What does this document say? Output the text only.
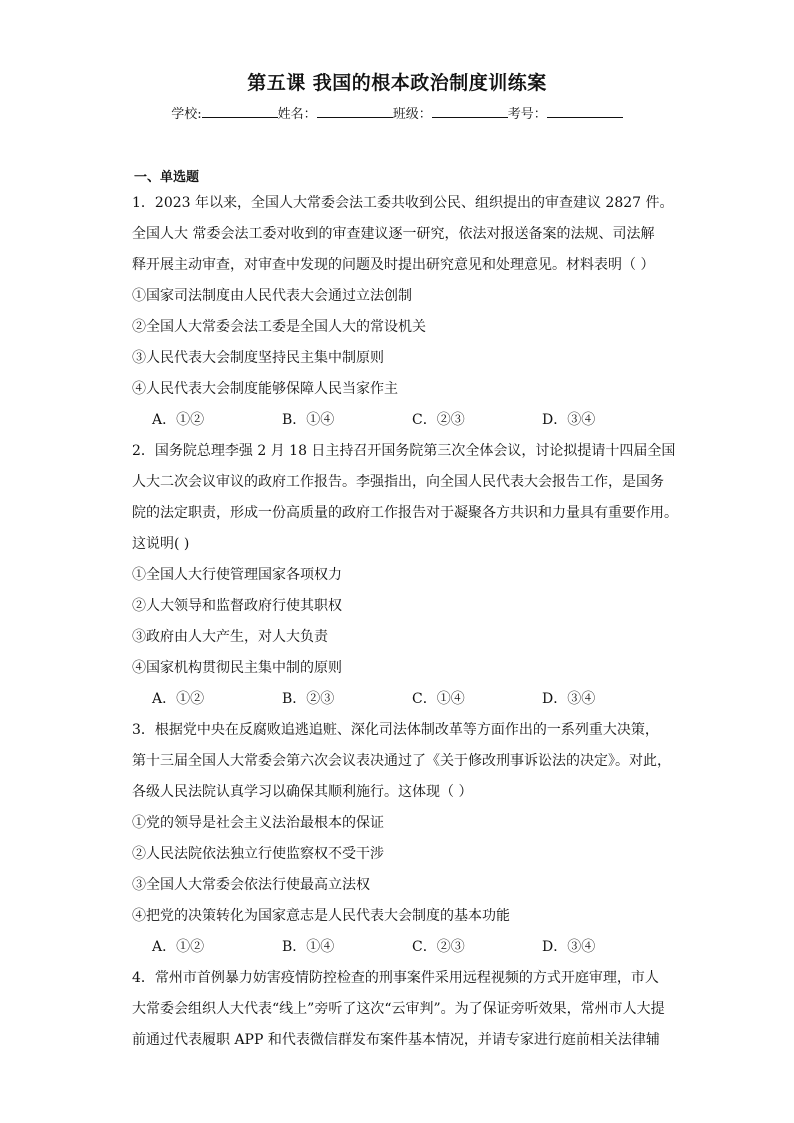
第五课 我国的根本政治制度训练案
学校:	姓名：	班级：	考号：
一、单选题

1．2023 年以来，全国人大常委会法工委共收到公民、组织提出的审查建议 2827 件。

全国人大 常委会法工委对收到的审查建议逐一研究，依法对报送备案的法规、司法解

释开展主动审查，对审查中发现的问题及时提出研究意见和处理意见。材料表明（ ）

①国家司法制度由人民代表大会通过立法创制

②全国人大常委会法工委是全国人大的常设机关

③人民代表大会制度坚持民主集中制原则

④人民代表大会制度能够保障人民当家作主

A．①②	B．①④	C．②③	D．③④

2．国务院总理李强 2 月 18 日主持召开国务院第三次全体会议，讨论拟提请十四届全国

人大二次会议审议的政府工作报告。李强指出，向全国人民代表大会报告工作，是国务

院的法定职责，形成一份高质量的政府工作报告对于凝聚各方共识和力量具有重要作用。

这说明( )

①全国人大行使管理国家各项权力

②人大领导和监督政府行使其职权

③政府由人大产生，对人大负责

④国家机构贯彻民主集中制的原则

A．①②	B．②③	C．①④	D．③④

3．根据党中央在反腐败追逃追赃、深化司法体制改革等方面作出的一系列重大决策，

第十三届全国人大常委会第六次会议表决通过了《关于修改刑事诉讼法的决定》。对此，

各级人民法院认真学习以确保其顺利施行。这体现（ ）

①党的领导是社会主义法治最根本的保证

②人民法院依法独立行使监察权不受干涉

③全国人大常委会依法行使最高立法权

④把党的决策转化为国家意志是人民代表大会制度的基本功能

A．①②	B．①④	C．②③	D．③④

4．常州市首例暴力妨害疫情防控检查的刑事案件采用远程视频的方式开庭审理，市人

大常委会组织人大代表“线上”旁听了这次“云审判”。为了保证旁听效果，常州市人大提

前通过代表履职 APP 和代表微信群发布案件基本情况，并请专家进行庭前相关法律辅
